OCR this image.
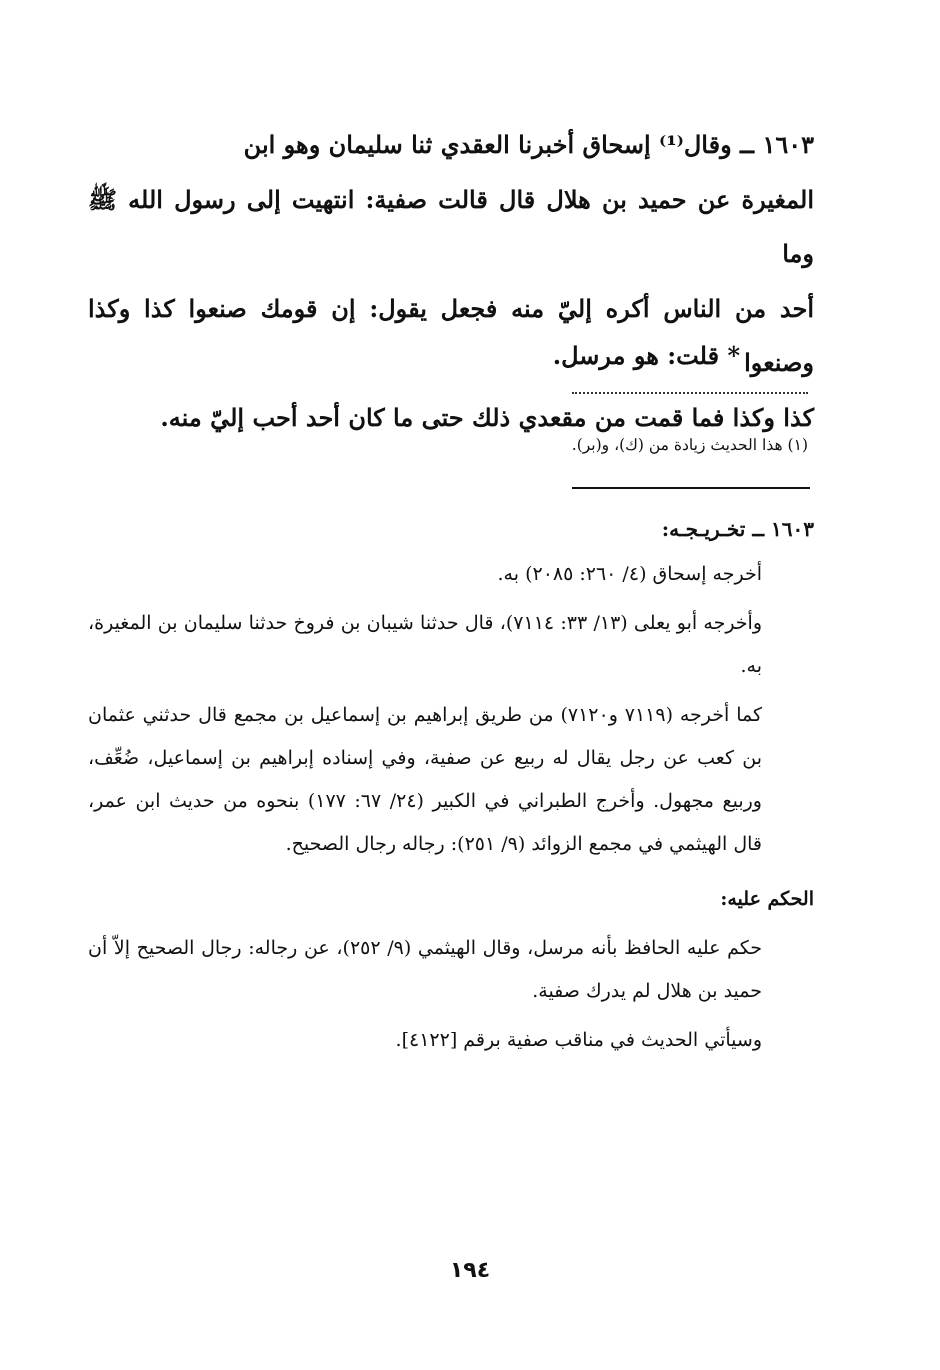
١٦٠٣ ــ وقال⁽¹⁾ إسحاق أخبرنا العقدي ثنا سليمان وهو ابن

المغيرة عن حميد بن هلال قال قالت صفية: انتهيت إلى رسول الله ﷺ وما

أحد من الناس أكره إليّ منه فجعل يقول: إن قومك صنعوا كذا وكذا وصنعوا

كذا وكذا فما قمت من مقعدي ذلك حتى ما كان أحد أحب إليّ منه.

* قلت: هو مرسل.
(١) هذا الحديث زيادة من (ك)، و(بر).

١٦٠٣ ــ تخـريـجـه:

أخرجه إسحاق (٤/ ٢٦٠: ٢٠٨٥) به.

وأخرجه أبو يعلى (١٣/ ٣٣: ٧١١٤)، قال حدثنا شيبان بن فروخ حدثنا سليمان بن المغيرة، به.

كما أخرجه (٧١١٩ و٧١٢٠) من طريق إبراهيم بن إسماعيل بن مجمع قال حدثني عثمان بن كعب عن رجل يقال له ربيع عن صفية، وفي إسناده إبراهيم بن إسماعيل، ضُعِّف، وربيع مجهول. وأخرج الطبراني في الكبير (٢٤/ ٦٧: ١٧٧) بنحوه من حديث ابن عمر، قال الهيثمي في مجمع الزوائد (٩/ ٢٥١): رجاله رجال الصحيح.

الحكم عليه:

حكم عليه الحافظ بأنه مرسل، وقال الهيثمي (٩/ ٢٥٢)، عن رجاله: رجال الصحيح إلاّ أن حميد بن هلال لم يدرك صفية.

وسيأتي الحديث في مناقب صفية برقم [٤١٢٢].

١٩٤
